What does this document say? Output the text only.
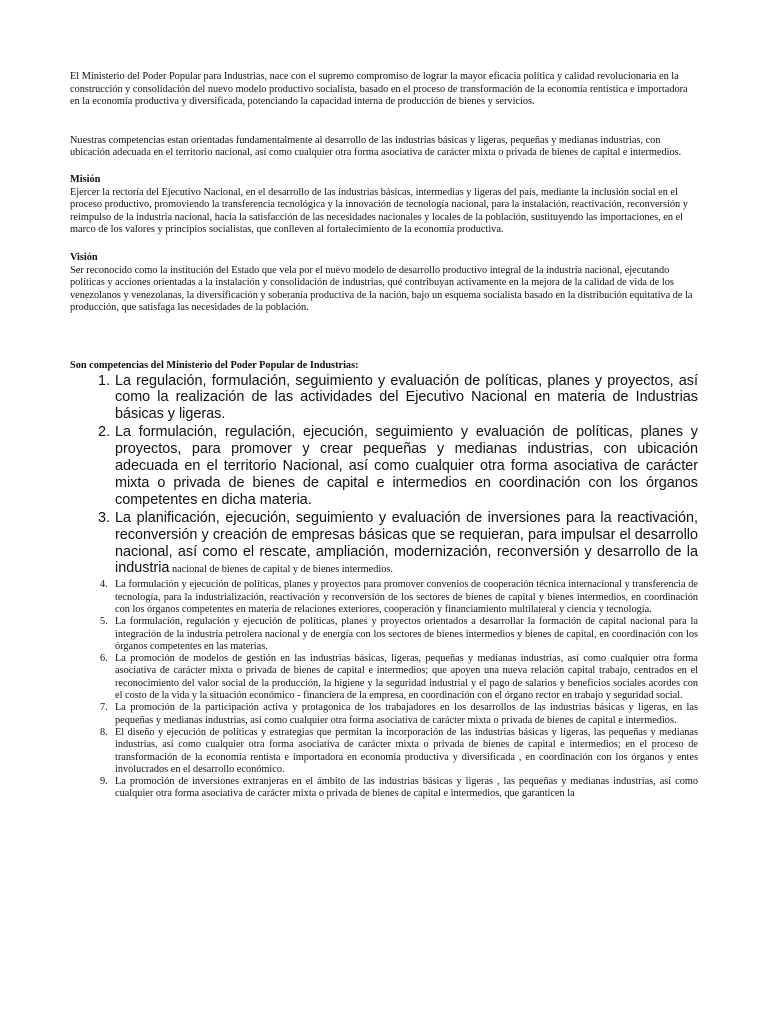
El Ministerio del Poder Popular para Industrias, nace con el supremo compromiso de lograr la mayor eficacia política y calidad revolucionaria en la construcción y consolidación del nuevo modelo productivo socialista, basado en el proceso de transformación de la economía rentística e importadora en la economía productiva y diversificada, potenciando la capacidad interna de producción de bienes y servicios.

Nuestras competencias estan orientadas fundamentalmente al desarrollo de las industrias básicas y ligeras, pequeñas y medianas industrias, con ubicación adecuada en el territorio nacional, así como cualquier otra forma asociativa de carácter mixta o privada de bienes de capital e intermedios.

Misión

Ejercer la rectoría del Ejecutivo Nacional, en el desarrollo de las industrias básicas, intermedias y ligeras del país, mediante la inclusión social en el proceso productivo, promoviendo la transferencia tecnológica y la innovación de tecnología nacional, para la instalación, reactivación, reconversión y reimpulso de la industria nacional, hacia la satisfacción de las necesidades nacionales y locales de la población, sustituyendo las importaciones, en el marco de los valores y principios socialistas, que conlleven al fortalecimiento de la economía productiva.

Visión

Ser reconocido como la institución del Estado que vela por el nuevo modelo de desarrollo productivo integral de la industria nacional, ejecutando políticas y acciones orientadas a la instalación y consolidación de industrias, qué contribuyan activamente en la mejora de la calidad de vida de los venezolanos y venezolanas, la diversificación y soberanía productiva de la nación, bajo un esquema socialista basado en la distribución equitativa de la producción, que satisfaga las necesidades de la población.

Son competencias del Ministerio del Poder Popular de Industrias:

1. La regulación, formulación, seguimiento y evaluación de políticas, planes y proyectos, así como la realización de las actividades del Ejecutivo Nacional en materia de Industrias básicas y ligeras.
2. La formulación, regulación, ejecución, seguimiento y evaluación de políticas, planes y proyectos, para promover y crear pequeñas y medianas industrias, con ubicación adecuada en el territorio Nacional, así como cualquier otra forma asociativa de carácter mixta o privada de bienes de capital e intermedios en coordinación con los órganos competentes en dicha materia.
3. La planificación, ejecución, seguimiento y evaluación de inversiones para la reactivación, reconversión y creación de empresas básicas que se requieran, para impulsar el desarrollo nacional, así como el rescate, ampliación, modernización, reconversión y desarrollo de la industria nacional de bienes de capital y de bienes intermedios.
4. La formulación y ejecución de políticas, planes y proyectos para promover convenios de cooperación técnica internacional y transferencia de tecnología, para la industrialización, reactivación y reconversión de los sectores de bienes de capital y bienes intermedios, en coordinación con los órganos competentes en materia de relaciones exteriores, cooperación y financiamiento multilateral y ciencia y tecnología.
5. La formulación, regulación y ejecución de políticas, planes y proyectos orientados a desarrollar la formación de capital nacional para la integración de la industria petrolera nacional y de energía con los sectores de bienes intermedios y bienes de capital, en coordinación con los órganos competentes en las materias.
6. La promoción de modelos de gestión en las industrias básicas, ligeras, pequeñas y medianas industrias, así como cualquier otra forma asociativa de carácter mixta o privada de bienes de capital e intermedios; que apoyen una nueva relación capital trabajo, centrados en el reconocimiento del valor social de la producción, la higiene y la seguridad industrial y el pago de salarios y beneficios sociales acordes con el costo de la vida y la situación económico - financiera de la empresa, en coordinación con el órgano rector en trabajo y seguridad social.
7. La promoción de la participación activa y protagonica de los trabajadores en los desarrollos de las industrias básicas y ligeras, en las pequeñas y medianas industrias, así como cualquier otra forma asociativa de carácter mixta o privada de bienes de capital e intermedios.
8. El diseño y ejecución de políticas y estrategias que permitan la incorporación de las industrias básicas y ligeras, las pequeñas y medianas industrias, así como cualquier otra forma asociativa de carácter mixta o privada de bienes de capital e intermedios; en el proceso de transformación de la economía rentista e importadora en economía productiva y diversificada , en coordinación con los órganos y entes involucrados en el desarrollo económico.
9. La promoción de inversiones extranjeras en el ámbito de las industrias básicas y ligeras , las pequeñas y medianas industrias, así como cualquier otra forma asociativa de carácter mixta o privada de bienes de capital e intermedios, que garanticen la
